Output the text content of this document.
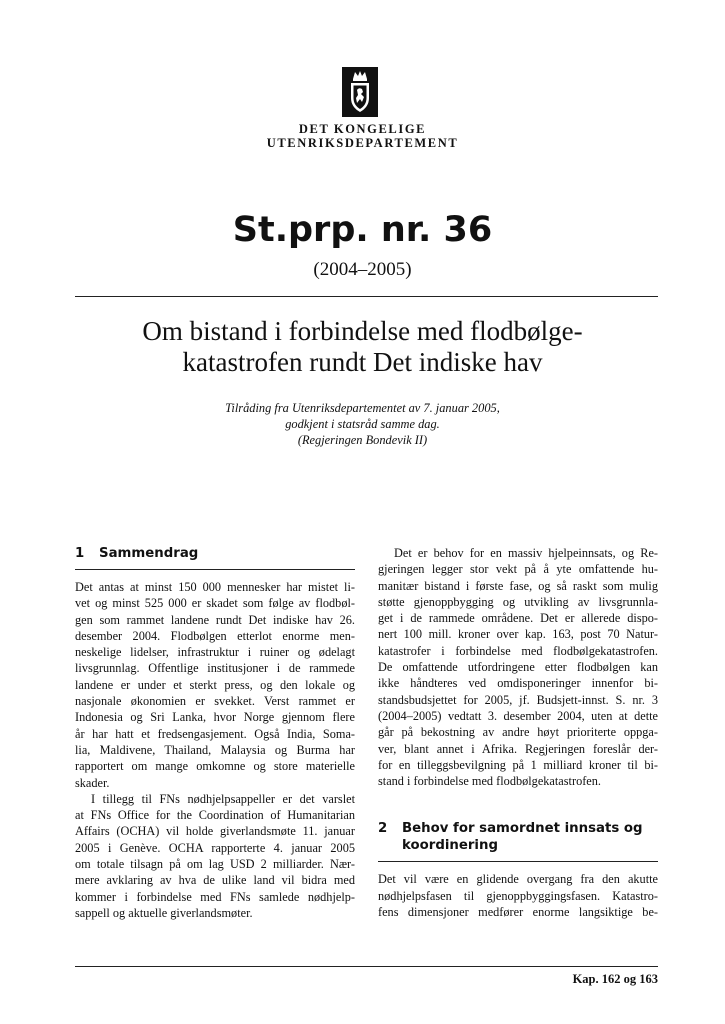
DET KONGELIGE
UTENRIKSDEPARTEMENT
St.prp. nr. 36
(2004–2005)
Om bistand i forbindelse med flodbølge-
katastrofen rundt Det indiske hav
Tilråding fra Utenriksdepartementet av 7. januar 2005,
godkjent i statsråd samme dag.
(Regjeringen Bondevik II)
1 Sammendrag
Det antas at minst 150 000 mennesker har mistet li-
vet og minst 525 000 er skadet som følge av flodbøl-
gen som rammet landene rundt Det indiske hav 26.
desember 2004. Flodbølgen etterlot enorme men-
neskelige lidelser, infrastruktur i ruiner og ødelagt
livsgrunnlag. Offentlige institusjoner i de rammede
landene er under et sterkt press, og den lokale og
nasjonale økonomien er svekket. Verst rammet er
Indonesia og Sri Lanka, hvor Norge gjennom flere
år har hatt et fredsengasjement. Også India, Soma-
lia, Maldivene, Thailand, Malaysia og Burma har
rapportert om mange omkomne og store materielle
skader.
I tillegg til FNs nødhjelpsappeller er det varslet
at FNs Office for the Coordination of Humanitarian
Affairs (OCHA) vil holde giverlandsmøte 11. januar
2005 i Genève. OCHA rapporterte 4. januar 2005
om totale tilsagn på om lag USD 2 milliarder. Nær-
mere avklaring av hva de ulike land vil bidra med
kommer i forbindelse med FNs samlede nødhjelp-
sappell og aktuelle giverlandsmøter.
Det er behov for en massiv hjelpeinnsats, og Re-
gjeringen legger stor vekt på å yte omfattende hu-
manitær bistand i første fase, og så raskt som mulig
støtte gjenoppbygging og utvikling av livsgrunnla-
get i de rammede områdene. Det er allerede dispo-
nert 100 mill. kroner over kap. 163, post 70 Natur-
katastrofer i forbindelse med flodbølgekatastrofen.
De omfattende utfordringene etter flodbølgen kan
ikke håndteres ved omdisponeringer innenfor bi-
standsbudsjettet for 2005, jf. Budsjett-innst. S. nr. 3
(2004–2005) vedtatt 3. desember 2004, uten at dette
går på bekostning av andre høyt prioriterte oppga-
ver, blant annet i Afrika. Regjeringen foreslår der-
for en tilleggsbevilgning på 1 milliard kroner til bi-
stand i forbindelse med flodbølgekatastrofen.
2 Behov for samordnet innsats og
koordinering
Det vil være en glidende overgang fra den akutte
nødhjelpsfasen til gjenoppbyggingsfasen. Katastro-
fens dimensjoner medfører enorme langsiktige be-
Kap. 162 og 163
